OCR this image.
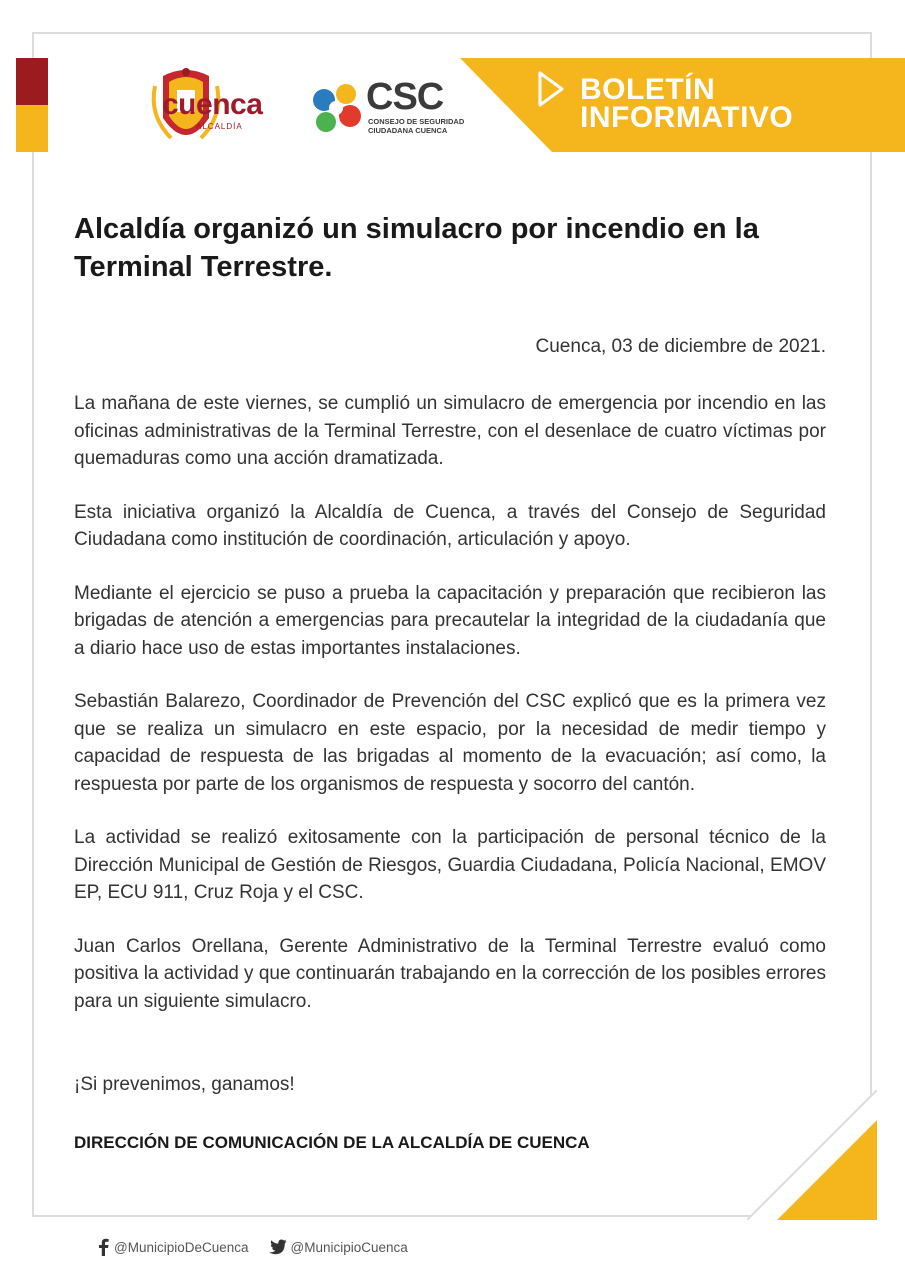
BOLETÍN
INFORMATIVO
cuenca
ALCALDÍA
CSC
CONSEJO DE SEGURIDAD
CIUDADANA CUENCA
Alcaldía organizó un simulacro por incendio en la Terminal Terrestre.
Cuenca, 03 de diciembre de 2021.

La mañana de este viernes, se cumplió un simulacro de emergencia por incendio en las oficinas administrativas de la Terminal Terrestre, con el desenlace de cuatro víctimas por quemaduras como una acción dramatizada.

Esta iniciativa organizó la Alcaldía de Cuenca, a través del Consejo de Seguridad Ciudadana como institución de coordinación, articulación y apoyo.

Mediante el ejercicio se puso a prueba la capacitación y preparación que recibieron las brigadas de atención a emergencias para precautelar la integridad de la ciudadanía que a diario hace uso de estas importantes instalaciones.

Sebastián Balarezo, Coordinador de Prevención del CSC explicó que es la primera vez que se realiza un simulacro en este espacio, por la necesidad de medir tiempo y capacidad de respuesta de las brigadas al momento de la evacuación; así como, la respuesta por parte de los organismos de respuesta y socorro del cantón.

La actividad se realizó exitosamente con la participación de personal técnico de la Dirección Municipal de Gestión de Riesgos, Guardia Ciudadana, Policía Nacional, EMOV EP, ECU 911, Cruz Roja y el CSC.

Juan Carlos Orellana, Gerente Administrativo de la Terminal Terrestre evaluó como positiva la actividad y que continuarán trabajando en la corrección de los posibles errores para un siguiente simulacro.

¡Si prevenimos, ganamos!

DIRECCIÓN DE COMUNICACIÓN DE LA ALCALDÍA DE CUENCA

@MunicipioDeCuenca	@MunicipioCuenca
